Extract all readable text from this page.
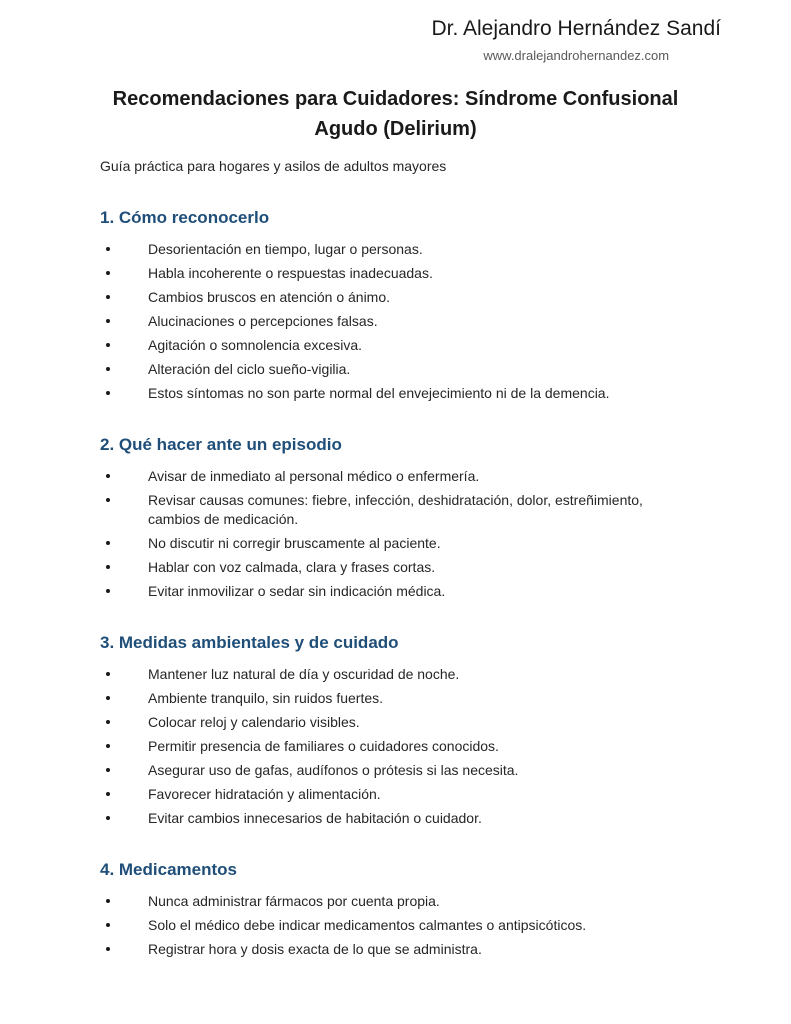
Dr. Alejandro Hernández Sandí
www.dralejandrohernandez.com
Recomendaciones para Cuidadores: Síndrome Confusional
Agudo (Delirium)
Guía práctica para hogares y asilos de adultos mayores
1. Cómo reconocerlo
Desorientación en tiempo, lugar o personas.
Habla incoherente o respuestas inadecuadas.
Cambios bruscos en atención o ánimo.
Alucinaciones o percepciones falsas.
Agitación o somnolencia excesiva.
Alteración del ciclo sueño-vigilia.
Estos síntomas no son parte normal del envejecimiento ni de la demencia.
2. Qué hacer ante un episodio
Avisar de inmediato al personal médico o enfermería.
Revisar causas comunes: fiebre, infección, deshidratación, dolor, estreñimiento, cambios de medicación.
No discutir ni corregir bruscamente al paciente.
Hablar con voz calmada, clara y frases cortas.
Evitar inmovilizar o sedar sin indicación médica.
3. Medidas ambientales y de cuidado
Mantener luz natural de día y oscuridad de noche.
Ambiente tranquilo, sin ruidos fuertes.
Colocar reloj y calendario visibles.
Permitir presencia de familiares o cuidadores conocidos.
Asegurar uso de gafas, audífonos o prótesis si las necesita.
Favorecer hidratación y alimentación.
Evitar cambios innecesarios de habitación o cuidador.
4. Medicamentos
Nunca administrar fármacos por cuenta propia.
Solo el médico debe indicar medicamentos calmantes o antipsicóticos.
Registrar hora y dosis exacta de lo que se administra.
